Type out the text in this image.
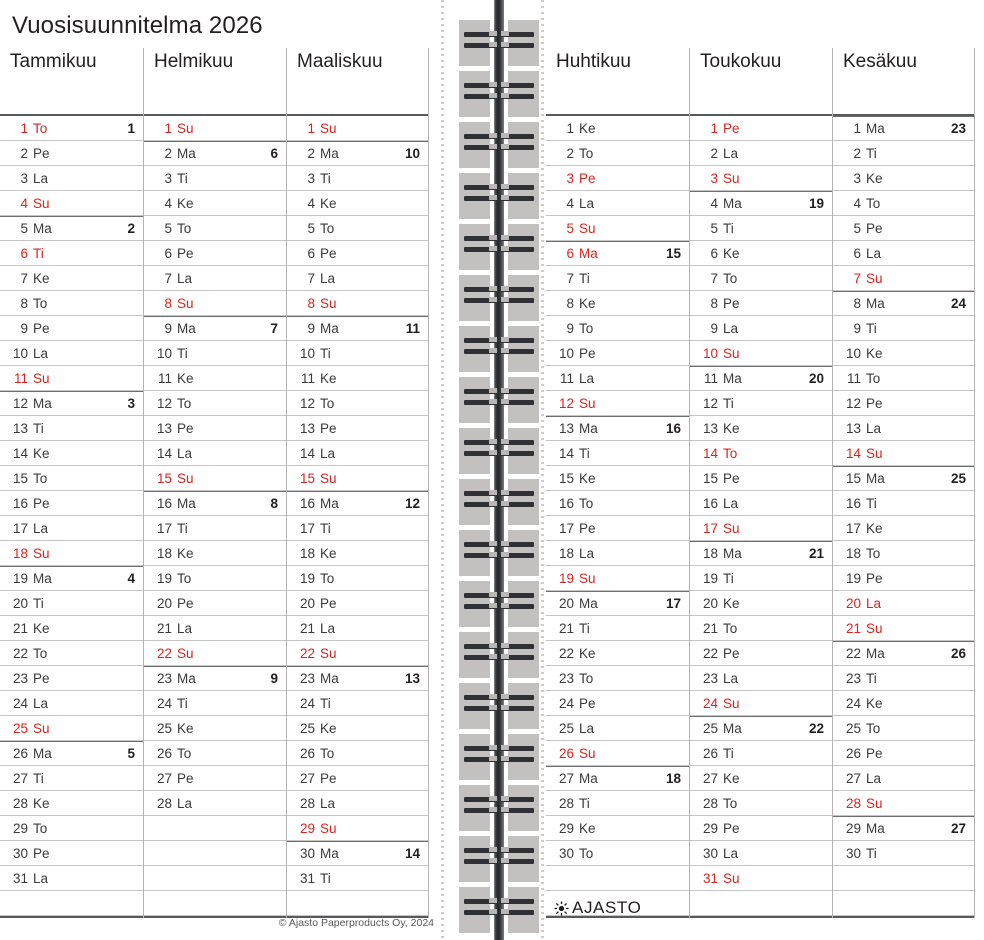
Vuosisuunnitelma 2026
Tammikuu
1 To	1
2 Pe
3 La
4 Su
5 Ma	2
6 Ti
7 Ke
8 To
9 Pe
10 La
11 Su
12 Ma	3
13 Ti
14 Ke
15 To
16 Pe
17 La
18 Su
19 Ma	4
20 Ti
21 Ke
22 To
23 Pe
24 La
25 Su
26 Ma	5
27 Ti
28 Ke
29 To
30 Pe
31 La

Helmikuu
1 Su
2 Ma	6
3 Ti
4 Ke
5 To
6 Pe
7 La
8 Su
9 Ma	7
10 Ti
11 Ke
12 To
13 Pe
14 La
15 Su
16 Ma	8
17 Ti
18 Ke
19 To
20 Pe
21 La
22 Su
23 Ma	9
24 Ti
25 Ke
26 To
27 Pe
28 La

Maaliskuu
1 Su
2 Ma	10
3 Ti
4 Ke
5 To
6 Pe
7 La
8 Su
9 Ma	11
10 Ti
11 Ke
12 To
13 Pe
14 La
15 Su
16 Ma	12
17 Ti
18 Ke
19 To
20 Pe
21 La
22 Su
23 Ma	13
24 Ti
25 Ke
26 To
27 Pe
28 La
29 Su
30 Ma	14
31 Ti

© Ajasto Paperproducts Oy, 2024
Huhtikuu
1 Ke
2 To
3 Pe
4 La
5 Su
6 Ma	15
7 Ti
8 Ke
9 To
10 Pe
11 La
12 Su
13 Ma	16
14 Ti
15 Ke
16 To
17 Pe
18 La
19 Su
20 Ma	17
21 Ti
22 Ke
23 To
24 Pe
25 La
26 Su
27 Ma	18
28 Ti
29 Ke
30 To

Toukokuu
1 Pe
2 La
3 Su
4 Ma	19
5 Ti
6 Ke
7 To
8 Pe
9 La
10 Su
11 Ma	20
12 Ti
13 Ke
14 To
15 Pe
16 La
17 Su
18 Ma	21
19 Ti
20 Ke
21 To
22 Pe
23 La
24 Su
25 Ma	22
26 Ti
27 Ke
28 To
29 Pe
30 La
31 Su

Kesäkuu
1 Ma	23
2 Ti
3 Ke
4 To
5 Pe
6 La
7 Su
8 Ma	24
9 Ti
10 Ke
11 To
12 Pe
13 La
14 Su
15 Ma	25
16 Ti
17 Ke
18 To
19 Pe
20 La
21 Su
22 Ma	26
23 Ti
24 Ke
25 To
26 Pe
27 La
28 Su
29 Ma	27
30 Ti

AJASTO
